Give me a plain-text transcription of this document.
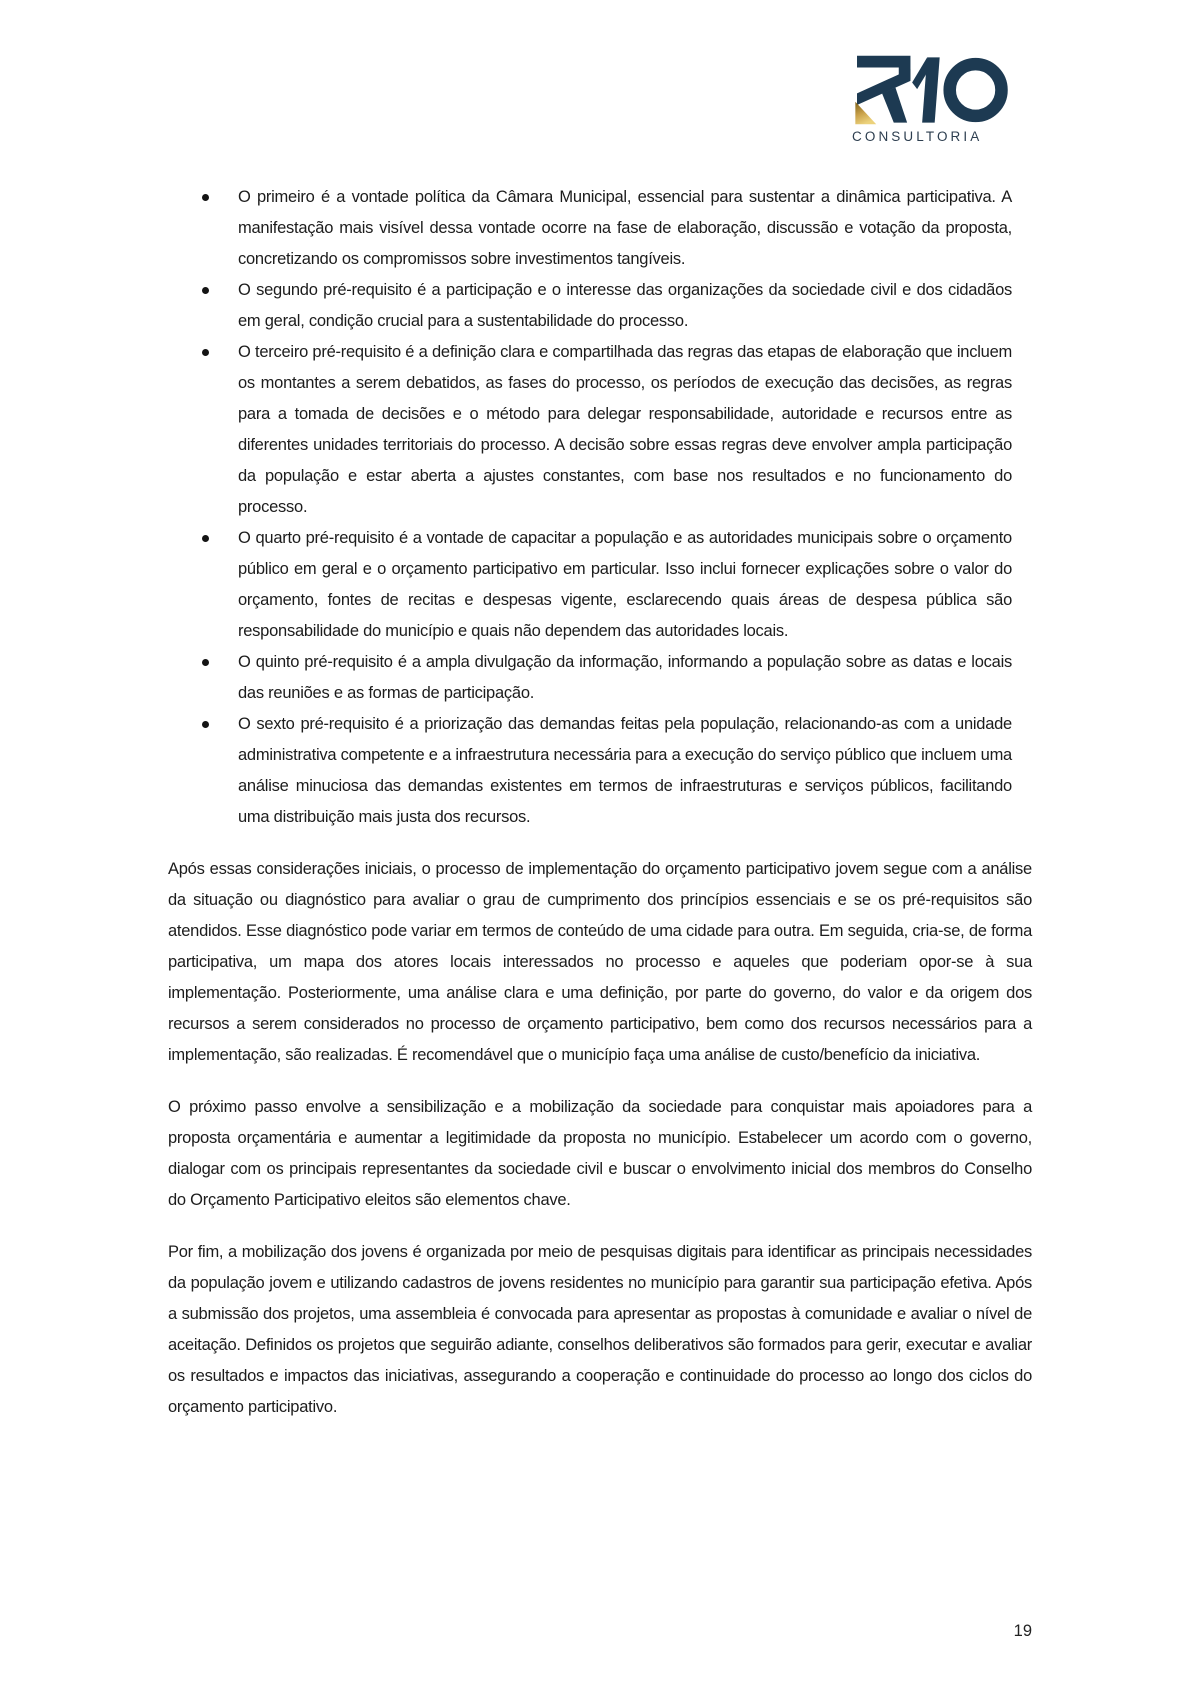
CONSULTORIA
O primeiro é a vontade política da Câmara Municipal, essencial para sustentar a dinâmica participativa. A manifestação mais visível dessa vontade ocorre na fase de elaboração, discussão e votação da proposta, concretizando os compromissos sobre investimentos tangíveis.
O segundo pré-requisito é a participação e o interesse das organizações da sociedade civil e dos cidadãos em geral, condição crucial para a sustentabilidade do processo.
O terceiro pré-requisito é a definição clara e compartilhada das regras das etapas de elaboração que incluem os montantes a serem debatidos, as fases do processo, os períodos de execução das decisões, as regras para a tomada de decisões e o método para delegar responsabilidade, autoridade e recursos entre as diferentes unidades territoriais do processo. A decisão sobre essas regras deve envolver ampla participação da população e estar aberta a ajustes constantes, com base nos resultados e no funcionamento do processo.
O quarto pré-requisito é a vontade de capacitar a população e as autoridades municipais sobre o orçamento público em geral e o orçamento participativo em particular. Isso inclui fornecer explicações sobre o valor do orçamento, fontes de recitas e despesas vigente, esclarecendo quais áreas de despesa pública são responsabilidade do município e quais não dependem das autoridades locais.
O quinto pré-requisito é a ampla divulgação da informação, informando a população sobre as datas e locais das reuniões e as formas de participação.
O sexto pré-requisito é a priorização das demandas feitas pela população, relacionando-as com a unidade administrativa competente e a infraestrutura necessária para a execução do serviço público que incluem uma análise minuciosa das demandas existentes em termos de infraestruturas e serviços públicos, facilitando uma distribuição mais justa dos recursos.

Após essas considerações iniciais, o processo de implementação do orçamento participativo jovem segue com a análise da situação ou diagnóstico para avaliar o grau de cumprimento dos princípios essenciais e se os pré-requisitos são atendidos. Esse diagnóstico pode variar em termos de conteúdo de uma cidade para outra. Em seguida, cria-se, de forma participativa, um mapa dos atores locais interessados no processo e aqueles que poderiam opor-se à sua implementação. Posteriormente, uma análise clara e uma definição, por parte do governo, do valor e da origem dos recursos a serem considerados no processo de orçamento participativo, bem como dos recursos necessários para a implementação, são realizadas. É recomendável que o município faça uma análise de custo/benefício da iniciativa.

O próximo passo envolve a sensibilização e a mobilização da sociedade para conquistar mais apoiadores para a proposta orçamentária e aumentar a legitimidade da proposta no município. Estabelecer um acordo com o governo, dialogar com os principais representantes da sociedade civil e buscar o envolvimento inicial dos membros do Conselho do Orçamento Participativo eleitos são elementos chave.

Por fim, a mobilização dos jovens é organizada por meio de pesquisas digitais para identificar as principais necessidades da população jovem e utilizando cadastros de jovens residentes no município para garantir sua participação efetiva. Após a submissão dos projetos, uma assembleia é convocada para apresentar as propostas à comunidade e avaliar o nível de aceitação. Definidos os projetos que seguirão adiante, conselhos deliberativos são formados para gerir, executar e avaliar os resultados e impactos das iniciativas, assegurando a cooperação e continuidade do processo ao longo dos ciclos do orçamento participativo.

19
